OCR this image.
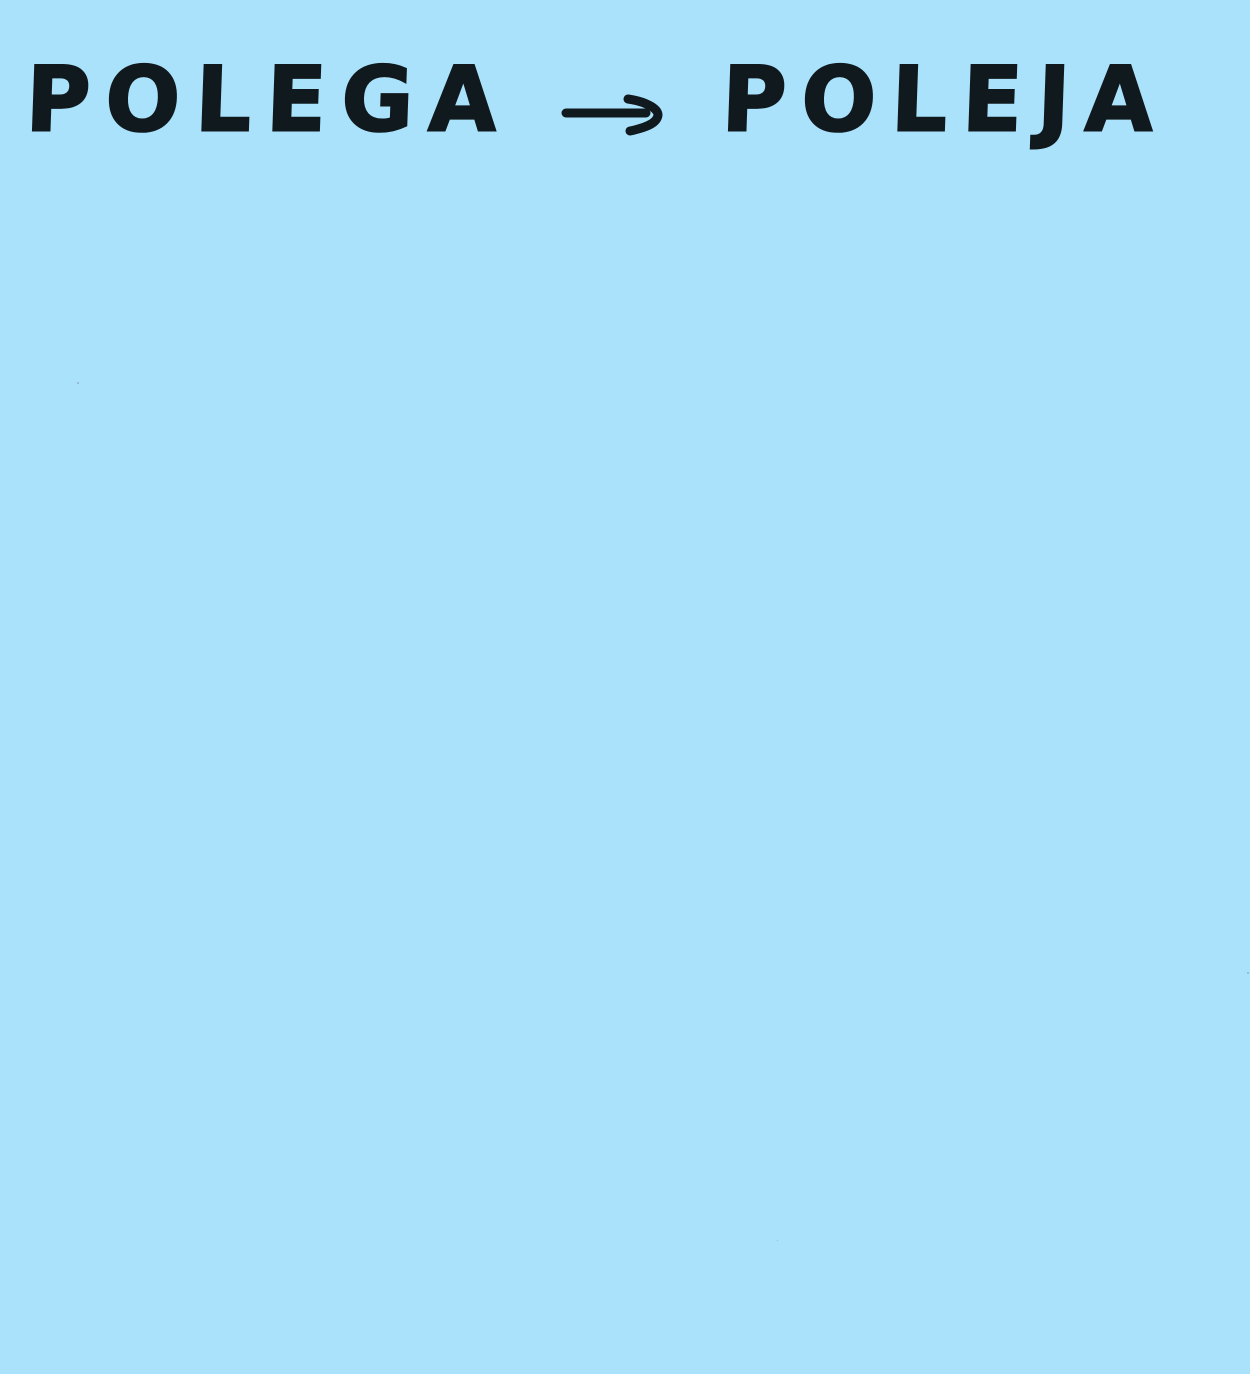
POLEGA POLEJA
